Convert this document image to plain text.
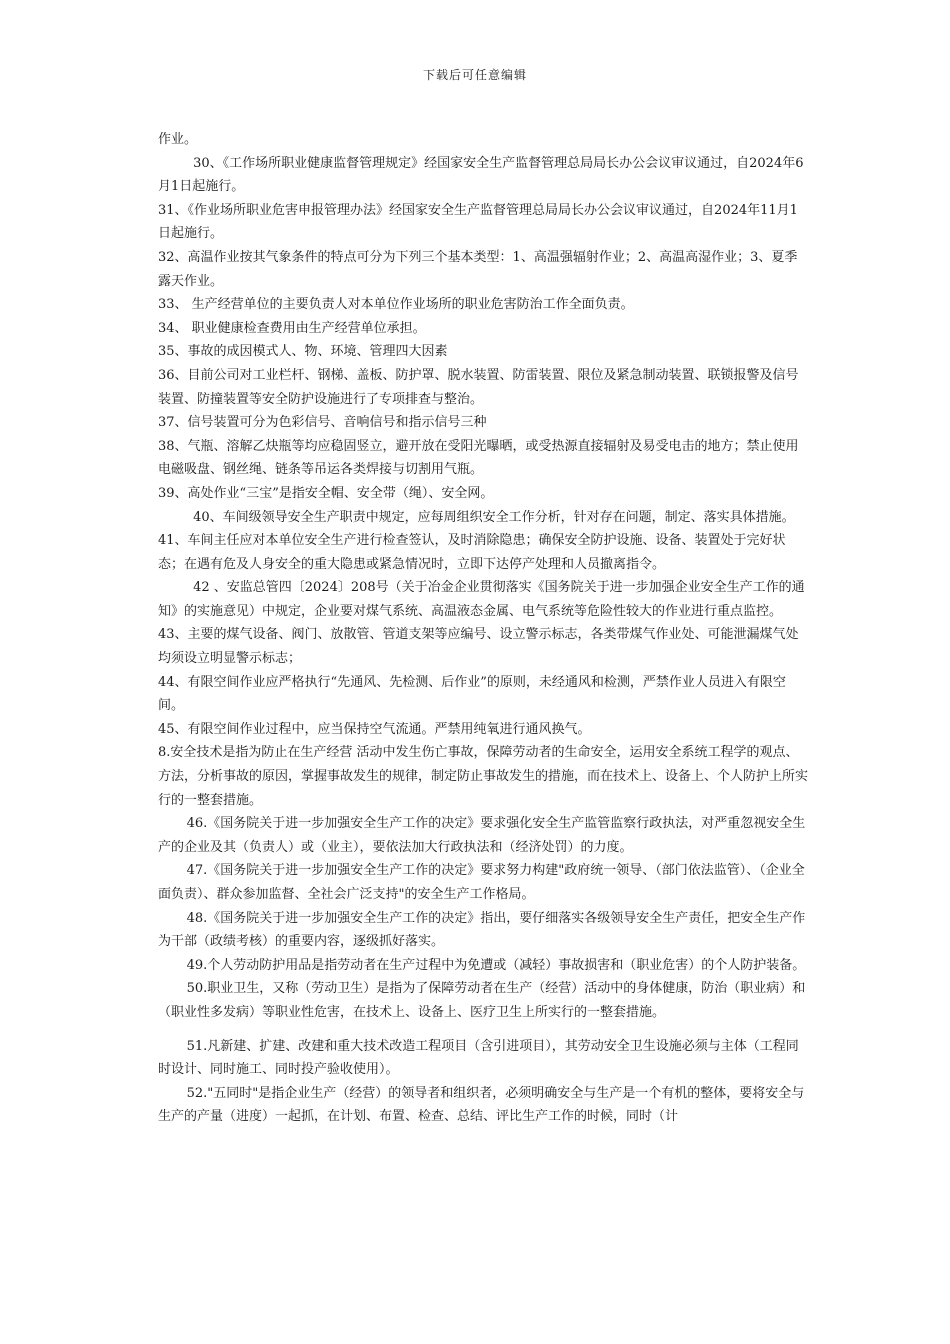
下载后可任意编辑

作业。

30、《工作场所职业健康监督管理规定》经国家安全生产监督管理总局局长办公会议审议通过，自2024年6月1日起施行。

31、《作业场所职业危害申报管理办法》经国家安全生产监督管理总局局长办公会议审议通过，自2024年11月1日起施行。

32、高温作业按其气象条件的特点可分为下列三个基本类型：1、高温强辐射作业；2、高温高湿作业；3、夏季露天作业。

33、 生产经营单位的主要负责人对本单位作业场所的职业危害防治工作全面负责。

34、 职业健康检查费用由生产经营单位承担。

35、事故的成因模式人、物、环境、管理四大因素

36、目前公司对工业栏杆、钢梯、盖板、防护罩、脱水装置、防雷装置、限位及紧急制动装置、联锁报警及信号装置、防撞装置等安全防护设施进行了专项排查与整治。

37、信号装置可分为色彩信号、音响信号和指示信号三种

38、气瓶、溶解乙炔瓶等均应稳固竖立，避开放在受阳光曝晒，或受热源直接辐射及易受电击的地方；禁止使用电磁吸盘、钢丝绳、链条等吊运各类焊接与切割用气瓶。

39、高处作业“三宝”是指安全帽、安全带（绳）、安全网。

40、车间级领导安全生产职责中规定，应每周组织安全工作分析，针对存在问题，制定、落实具体措施。

41、车间主任应对本单位安全生产进行检查签认，及时消除隐患；确保安全防护设施、设备、装置处于完好状态；在遇有危及人身安全的重大隐患或紧急情况时，立即下达停产处理和人员撤离指令。

42 、安监总管四〔2024〕208号（关于冶金企业贯彻落实《国务院关于进一步加强企业安全生产工作的通知》的实施意见）中规定，企业要对煤气系统、高温液态金属、电气系统等危险性较大的作业进行重点监控。

43、主要的煤气设备、阀门、放散管、管道支架等应编号、设立警示标志，各类带煤气作业处、可能泄漏煤气处均须设立明显警示标志；

44、有限空间作业应严格执行“先通风、先检测、后作业”的原则，未经通风和检测，严禁作业人员进入有限空间。

45、有限空间作业过程中，应当保持空气流通。严禁用纯氧进行通风换气。

8.安全技术是指为防止在生产经营 活动中发生伤亡事故，保障劳动者的生命安全，运用安全系统工程学的观点、方法，分析事故的原因，掌握事故发生的规律，制定防止事故发生的措施，而在技术上、设备上、个人防护上所实行的一整套措施。

46.《国务院关于进一步加强安全生产工作的决定》要求强化安全生产监管监察行政执法，对严重忽视安全生产的企业及其（负责人）或（业主），要依法加大行政执法和（经济处罚）的力度。

47.《国务院关于进一步加强安全生产工作的决定》要求努力构建"政府统一领导、（部门依法监管）、（企业全面负责）、群众参加监督、全社会广泛支持"的安全生产工作格局。

48.《国务院关于进一步加强安全生产工作的决定》指出，要仔细落实各级领导安全生产责任，把安全生产作为干部（政绩考核）的重要内容，逐级抓好落实。

49.个人劳动防护用品是指劳动者在生产过程中为免遭或（减轻）事故损害和（职业危害）的个人防护装备。

50.职业卫生，又称（劳动卫生）是指为了保障劳动者在生产（经营）活动中的身体健康，防治（职业病）和（职业性多发病）等职业性危害，在技术上、设备上、医疗卫生上所实行的一整套措施。

51.凡新建、扩建、改建和重大技术改造工程项目（含引进项目），其劳动安全卫生设施必须与主体（工程同时设计、同时施工、同时投产验收使用）。

52."五同时"是指企业生产（经营）的领导者和组织者，必须明确安全与生产是一个有机的整体，要将安全与生产的产量（进度）一起抓，在计划、布置、检查、总结、评比生产工作的时候，同时（计
